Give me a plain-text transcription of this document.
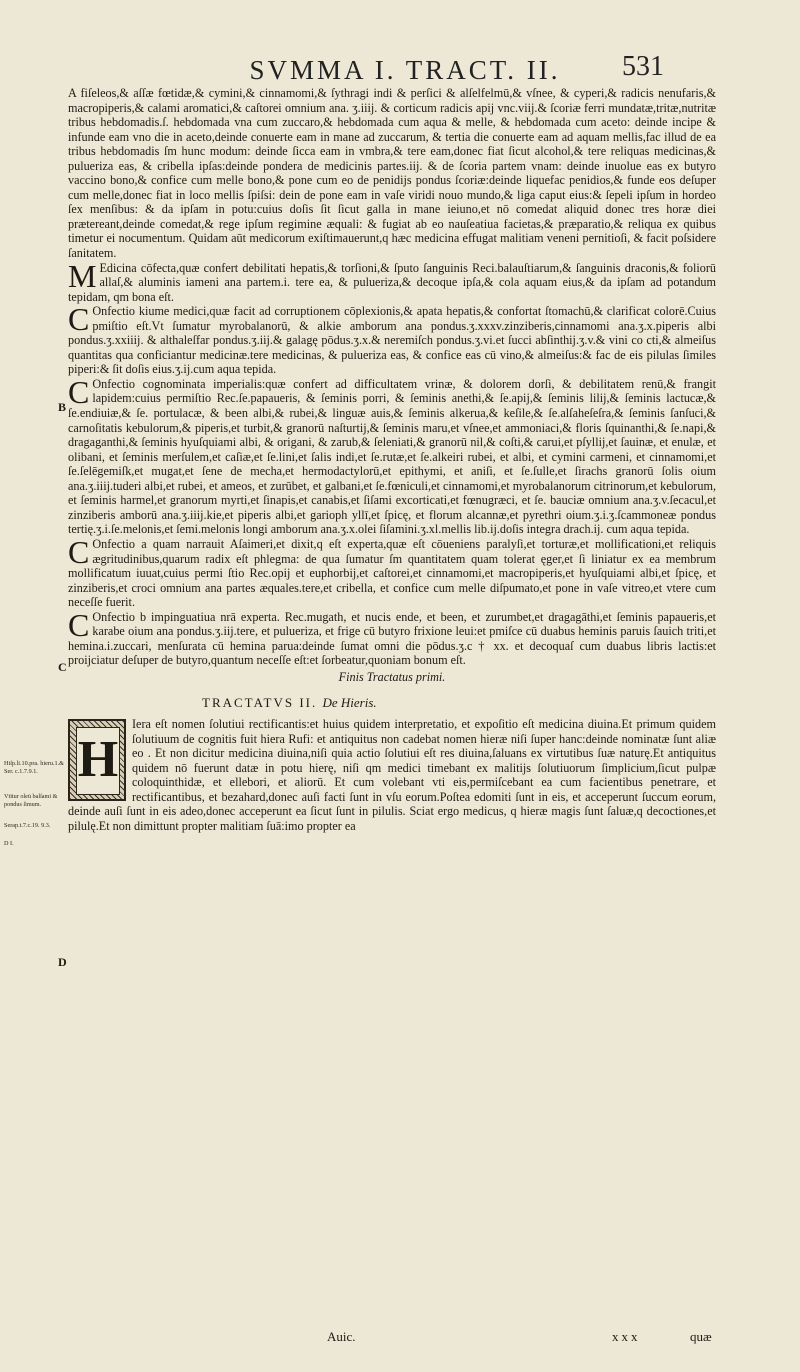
SVMMA I. TRACT. II.	531
Hiſp.li.10.pra. hieru.1.& Ser. c.1.7.9.1.
Vtitur oleū balſami & pondus ſimum.
Serap.t.7.c.19. 9.3.
D I.
B
C
D

A fiſeleos,& aſſæ fœtidæ,& cymini,& cinnamomi,& ſythragi indi & perſici & alſelfelmū,& vſnee, & cyperi,& radicis nenufaris,& macropiperis,& calami aromatici,& caſtorei omnium ana. ʒ.iiij. & corticum radicis apij vnc.viij.& ſcoriæ ferri mundatæ,tritæ,nutritæ tribus hebdomadis.ſ. hebdomada vna cum zuccaro,& hebdomada cum aqua & melle, & hebdomada cum aceto: deinde incipe & infunde eam vno die in aceto,deinde conuerte eam in mane ad zuccarum, & tertia die conuerte eam ad aquam mellis,fac illud de ea tribus hebdomadis ſm hunc modum: deinde ſicca eam in vmbra,& tere eam,donec fiat ſicut alcohol,& tere reliquas medicinas,& pulueriza eas, & cribella ipſas:deinde pondera de medicinis partes.iij. & de ſcoria partem vnam: deinde inuolue eas ex butyro vaccino bono,& confice cum melle bono,& pone cum eo de penidijs pondus ſcoriæ:deinde liquefac penidios,& funde eos deſuper cum melle,donec fiat in loco mellis ſpiſsi: dein de pone eam in vaſe viridi nouo mundo,& liga caput eius:& ſepeli ipſum in hordeo ſex menſibus: & da ipſam in potu:cuius doſis ſit ſicut galla in mane ieiuno,et nō comedat aliquid donec tres horæ diei prætereant,deinde comedat,& rege ipſum regimine æquali: & fugiat ab eo nauſeatiua facietas,& præparatio,& reliqua ex quibus timetur ei nocumentum. Quidam aūt medicorum exiſtimauerunt,q hæc medicina effugat malitiam veneni pernitioſi, & facit poſsidere ſanitatem.

M Edicina cōfecta,quæ confert debilitati hepatis,& torſioni,& ſputo ſanguinis Reci.balauſtiarum,& ſanguinis draconis,& foliorū allaſ,& aluminis iameni ana partem.i. tere ea, & pulueriza,& decoque ipſa,& cola aquam eius,& da ipſam ad potandum tepidam, qm bona eſt.

C Onfectio kiume medici,quæ facit ad corruptionem cōplexionis,& apata hepatis,& confortat ſtomachū,& clarificat colorē.Cuius pmiſtio eſt.Vt ſumatur myrobalanorū, & alkie amborum ana pondus.ʒ.xxxv.zinziberis,cinnamomi ana.ʒ.x.piperis albi pondus.ʒ.xxiiij. & althaleſfar pondus.ʒ.iij.& galagę pōdus.ʒ.x.& neremiſch pondus.ʒ.vi.et ſucci abſinthij.ʒ.v.& vini co cti,& almeiſus quantitas qua conficiantur medicinæ.tere medicinas, & pulueriza eas, & confice eas cū vino,& almeiſus:& fac de eis pilulas ſimiles piperi:& ſit doſis eius.ʒ.ij.cum aqua tepida.

C Onfectio cognominata imperialis:quæ confert ad difficultatem vrinæ, & dolorem dorſi, & debilitatem renū,& frangit lapidem:cuius permiſtio Rec.ſe.papaueris, & ſeminis porri, & ſeminis anethi,& ſe.apij,& ſeminis lilij,& ſeminis lactucæ,& ſe.endiuiæ,& ſe. portulacæ, & been albi,& rubei,& linguæ auis,& ſeminis alkerua,& keſile,& ſe.alſaheſeſra,& ſeminis ſanſuci,& carnoſitatis kebulorum,& piperis,et turbit,& granorū naſturtij,& ſeminis maru,et vſnee,et ammoniaci,& floris ſquinanthi,& ſe.napi,& dragaganthi,& ſeminis hyuſquiami albi, & origani, & zarub,& ſeleniati,& granorū nil,& coſti,& carui,et pſyllij,et ſauinæ, et enulæ, et olibani, et ſeminis merſulem,et caſiæ,et ſe.lini,et ſalis indi,et ſe.rutæ,et ſe.alkeiri rubei, et albi, et cymini carmeni, et cinnamomi,et ſe.ſelēgemiſk,et mugat,et ſene de mecha,et hermodactylorū,et epithymi, et aniſi, et ſe.ſulle,et ſirachs granorū ſolis oium ana.ʒ.iiij.tuderi albi,et rubei, et ameos, et zurūbet, et galbani,et ſe.fœniculi,et cinnamomi,et myrobalanorum citrinorum,et kebulorum, et ſeminis harmel,et granorum myrti,et ſinapis,et canabis,et ſiſami excorticati,et fœnugræci, et ſe. bauciæ omnium ana.ʒ.v.ſecacul,et zinziberis amborū ana.ʒ.iiij.kie,et piperis albi,et garioph yllī,et ſpicę, et florum alcannæ,et pyrethri oium.ʒ.i.ʒ.ſcammoneæ pondus tertię.ʒ.i.ſe.melonis,et ſemi.melonis longi amborum ana.ʒ.x.olei ſiſamini.ʒ.xl.mellis lib.ij.doſis integra drach.ij. cum aqua tepida.

C Onfectio a quam narrauit Aſaimeri,et dixit,q eſt experta,quæ eſt cōueniens paralyſi,et torturæ,et mollificationi,et reliquis ægritudinibus,quarum radix eſt phlegma: de qua ſumatur ſm quantitatem quam tolerat ęger,et ſi liniatur ex ea membrum mollificatum iuuat,cuius permi ſtio Rec.opij et euphorbij,et caſtorei,et cinnamomi,et macropiperis,et hyuſquiami albi,et ſpicę, et zinziberis,et croci omnium ana partes æquales.tere,et cribella, et confice cum melle diſpumato,et pone in vaſe vitreo,et vtere cum neceſſe fuerit.

C Onfectio b impinguatiua nrā experta. Rec.mugath, et nucis ende, et been, et zurumbet,et dragagāthi,et ſeminis papaueris,et karabe oium ana pondus.ʒ.iij.tere, et pulueriza, et frige cū butyro frixione leui:et pmiſce cū duabus heminis paruis ſauich triti,et hemina.i.zuccari, menſurata cū hemina parua:deinde ſumat omni die pōdus.ʒ.c † xx. et decoquaſ cum duabus libris lactis:et proijciatur deſuper de butyro,quantum neceſſe eſt:et ſorbeatur,quoniam bonum eſt.

Finis Tractatus primi.
TRACTATVS II. De Hieris.

H
Iera eſt nomen ſolutiui rectificantis:et huius quidem interpretatio, et expoſitio eſt medicina diuina.Et primum quidem ſolutiuum de cognitis fuit hiera Rufi: et antiquitus non cadebat nomen hieræ niſi ſuper hanc:deinde nominatæ ſunt aliæ eo . Et non dicitur medicina diuina,niſi quia actio ſolutiui eſt res diuina,ſaluans ex virtutibus ſuæ naturę.Et antiquitus quidem nō fuerunt datæ in potu hierę, niſi qm medici timebant ex malitijs ſolutiuorum ſimplicium,ſicut pulpæ coloquinthidæ, et ellebori, et aliorū. Et cum volebant vti eis,permiſcebant ea cum facientibus penetrare, et rectificantibus, et bezahard,donec auſi facti ſunt in vſu eorum.Poſtea edomiti ſunt in eis, et acceperunt ſuccum eorum, deinde auſi ſunt in eis adeo,donec acceperunt ea ſicut ſunt in pilulis. Sciat ergo medicus, q hieræ magis ſunt ſaluæ,q decoctiones,et pilulę.Et non dimittunt propter malitiam ſuā:imo propter ea

Auic.	xxx	quæ
